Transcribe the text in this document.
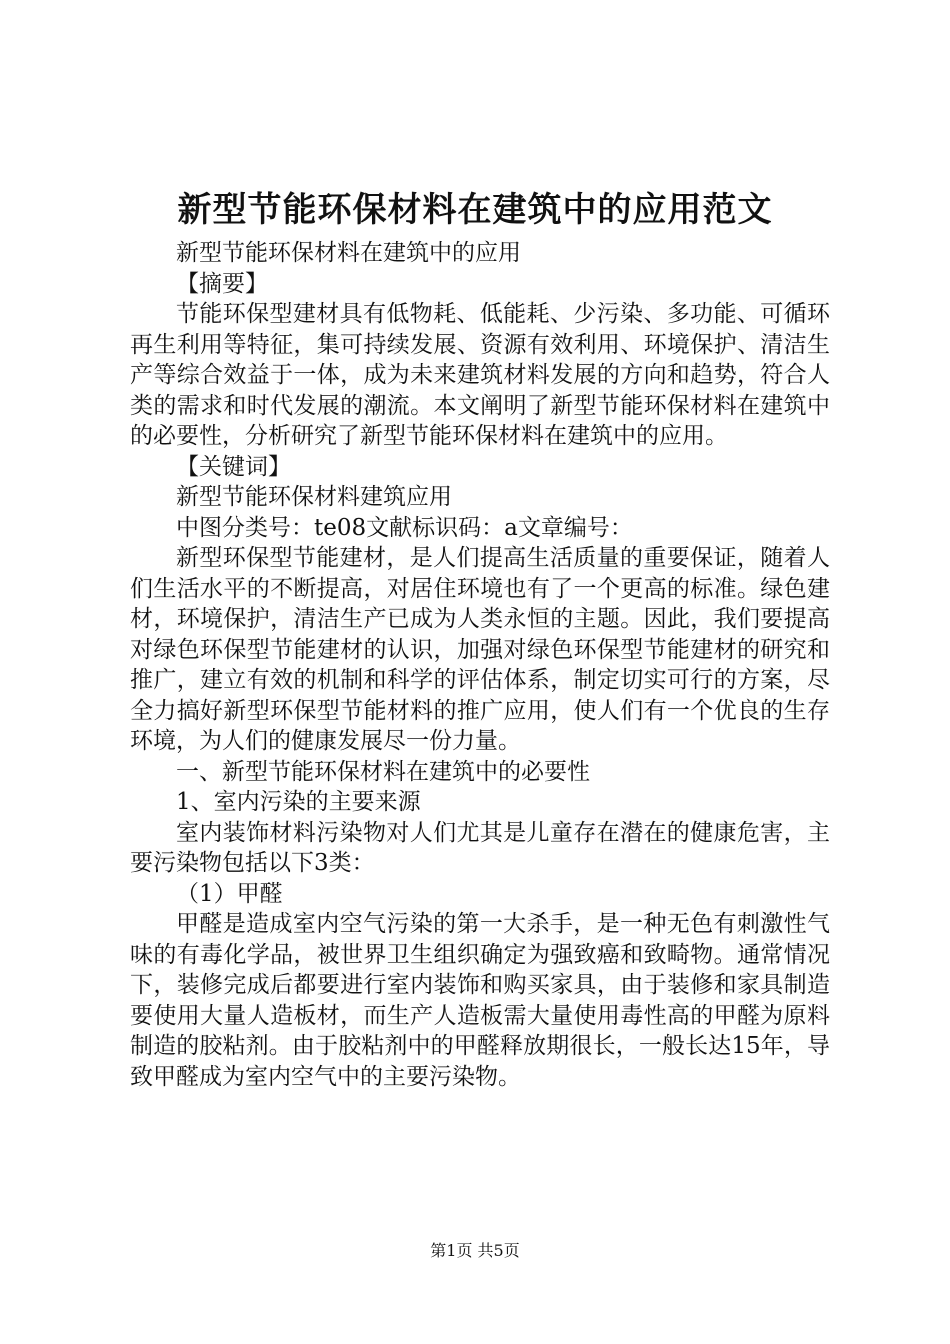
新型节能环保材料在建筑中的应用范文

新型节能环保材料在建筑中的应用

【摘要】

节能环保型建材具有低物耗、低能耗、少污染、多功能、可循环再生利用等特征，集可持续发展、资源有效利用、环境保护、清洁生产等综合效益于一体，成为未来建筑材料发展的方向和趋势，符合人类的需求和时代发展的潮流。本文阐明了新型节能环保材料在建筑中的必要性，分析研究了新型节能环保材料在建筑中的应用。

【关键词】

新型节能环保材料建筑应用

中图分类号：te08文献标识码：a文章编号：

新型环保型节能建材，是人们提高生活质量的重要保证，随着人们生活水平的不断提高，对居住环境也有了一个更高的标准。绿色建材，环境保护，清洁生产已成为人类永恒的主题。因此，我们要提高对绿色环保型节能建材的认识，加强对绿色环保型节能建材的研究和推广，建立有效的机制和科学的评估体系，制定切实可行的方案，尽全力搞好新型环保型节能材料的推广应用，使人们有一个优良的生存环境，为人们的健康发展尽一份力量。

一、新型节能环保材料在建筑中的必要性

1、室内污染的主要来源

室内装饰材料污染物对人们尤其是儿童存在潜在的健康危害，主要污染物包括以下3类：

（1）甲醛

甲醛是造成室内空气污染的第一大杀手，是一种无色有刺激性气味的有毒化学品，被世界卫生组织确定为强致癌和致畸物。通常情况下，装修完成后都要进行室内装饰和购买家具，由于装修和家具制造要使用大量人造板材，而生产人造板需大量使用毒性高的甲醛为原料制造的胶粘剂。由于胶粘剂中的甲醛释放期很长，一般长达15年，导致甲醛成为室内空气中的主要污染物。

第1页 共5页
